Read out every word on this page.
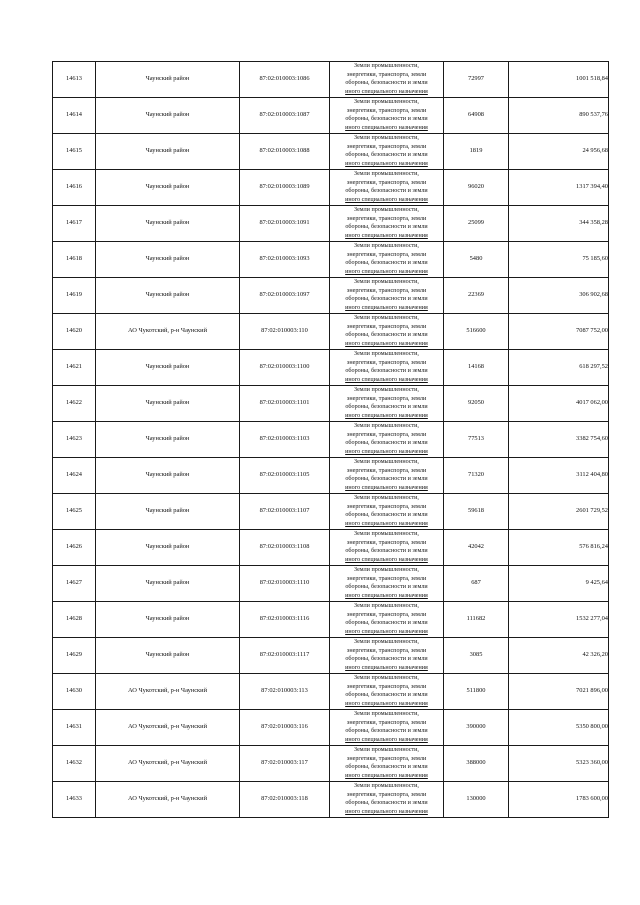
14613	Чаунский район	87:02:010003:1086	Земли промышленности,
энергетики, транспорта, земли
обороны, безопасности и земли
иного специального назначения	72997	1001 518,84
14614	Чаунский район	87:02:010003:1087	Земли промышленности,
энергетики, транспорта, земли
обороны, безопасности и земли
иного специального назначения	64908	890 537,76
14615	Чаунский район	87:02:010003:1088	Земли промышленности,
энергетики, транспорта, земли
обороны, безопасности и земли
иного специального назначения	1819	24 956,68
14616	Чаунский район	87:02:010003:1089	Земли промышленности,
энергетики, транспорта, земли
обороны, безопасности и земли
иного специального назначения	96020	1317 394,40
14617	Чаунский район	87:02:010003:1091	Земли промышленности,
энергетики, транспорта, земли
обороны, безопасности и земли
иного специального назначения	25099	344 358,28
14618	Чаунский район	87:02:010003:1093	Земли промышленности,
энергетики, транспорта, земли
обороны, безопасности и земли
иного специального назначения	5480	75 185,60
14619	Чаунский район	87:02:010003:1097	Земли промышленности,
энергетики, транспорта, земли
обороны, безопасности и земли
иного специального назначения	22369	306 902,68
14620	АО Чукотский, р-н Чаунский	87:02:010003:110	Земли промышленности,
энергетики, транспорта, земли
обороны, безопасности и земли
иного специального назначения	516600	7087 752,00
14621	Чаунский район	87:02:010003:1100	Земли промышленности,
энергетики, транспорта, земли
обороны, безопасности и земли
иного специального назначения	14168	618 297,52
14622	Чаунский район	87:02:010003:1101	Земли промышленности,
энергетики, транспорта, земли
обороны, безопасности и земли
иного специального назначения	92050	4017 062,00
14623	Чаунский район	87:02:010003:1103	Земли промышленности,
энергетики, транспорта, земли
обороны, безопасности и земли
иного специального назначения	77513	3382 754,60
14624	Чаунский район	87:02:010003:1105	Земли промышленности,
энергетики, транспорта, земли
обороны, безопасности и земли
иного специального назначения	71320	3112 404,80
14625	Чаунский район	87:02:010003:1107	Земли промышленности,
энергетики, транспорта, земли
обороны, безопасности и земли
иного специального назначения	59618	2601 729,52
14626	Чаунский район	87:02:010003:1108	Земли промышленности,
энергетики, транспорта, земли
обороны, безопасности и земли
иного специального назначения	42042	576 816,24
14627	Чаунский район	87:02:010003:1110	Земли промышленности,
энергетики, транспорта, земли
обороны, безопасности и земли
иного специального назначения	687	9 425,64
14628	Чаунский район	87:02:010003:1116	Земли промышленности,
энергетики, транспорта, земли
обороны, безопасности и земли
иного специального назначения	111682	1532 277,04
14629	Чаунский район	87:02:010003:1117	Земли промышленности,
энергетики, транспорта, земли
обороны, безопасности и земли
иного специального назначения	3085	42 326,20
14630	АО Чукотский, р-н Чаунский	87:02:010003:113	Земли промышленности,
энергетики, транспорта, земли
обороны, безопасности и земли
иного специального назначения	511800	7021 896,00
14631	АО Чукотский, р-н Чаунский	87:02:010003:116	Земли промышленности,
энергетики, транспорта, земли
обороны, безопасности и земли
иного специального назначения	390000	5350 800,00
14632	АО Чукотский, р-н Чаунский	87:02:010003:117	Земли промышленности,
энергетики, транспорта, земли
обороны, безопасности и земли
иного специального назначения	388000	5323 360,00
14633	АО Чукотский, р-н Чаунский	87:02:010003:118	Земли промышленности,
энергетики, транспорта, земли
обороны, безопасности и земли
иного специального назначения	130000	1783 600,00
